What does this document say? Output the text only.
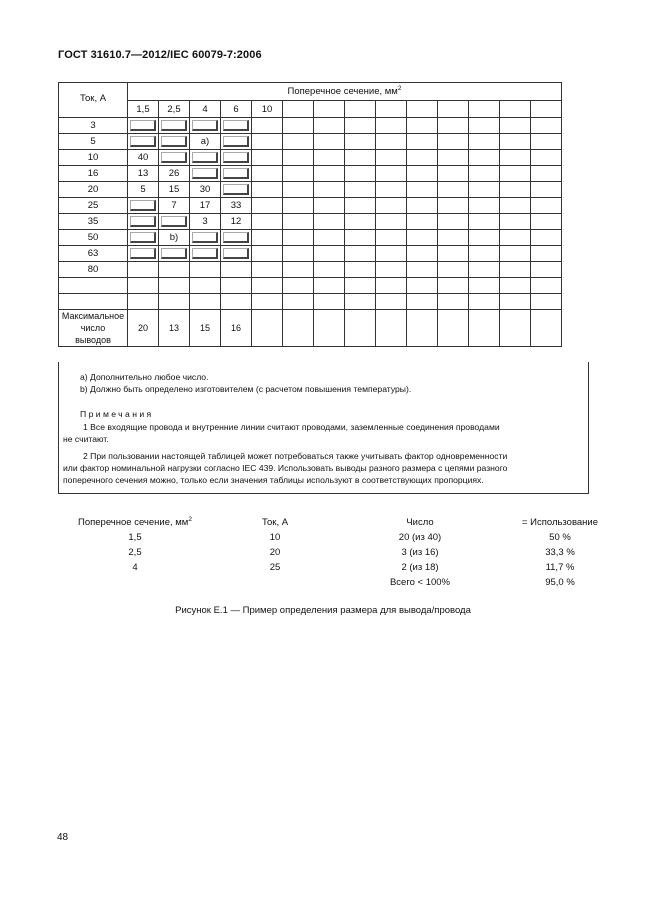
ГОСТ 31610.7—2012/IEC 60079-7:2006
Ток, А	Поперечное сечение, $мм^2$
	1,5	2,5	4	6	10									
3														
5			a)											
10	40													
16	13	26												
20	5	15	30											
25		7	17	33										
35			3	12										
50		b)												
63														
80														

Максимальное
число
выводов	20	13	15	16										
a) Дополнительно любое число.
b) Должно быть определено изготовителем (с расчетом повышения температуры).
Примечания
1 Все входящие провода и внутренние линии считают проводами, заземленные соединения проводами
не считают.
2 При пользовании настоящей таблицей может потребоваться также учитывать фактор одновременности
или фактор номинальной нагрузки согласно IEC 439. Использовать выводы разного размера с цепями разного
поперечного сечения можно, только если значения таблицы используют в соответствующих пропорциях.
Поперечное сечение, $мм^2$	Ток, А	Число	= Использование
1,5	10	20 (из 40)	50 %
2,5	20	3 (из 16)	33,3 %
4	25	2 (из 18)	11,7 %
		Всего < 100%	95,0 %
Рисунок Е.1 — Пример определения размера для вывода/провода
48
